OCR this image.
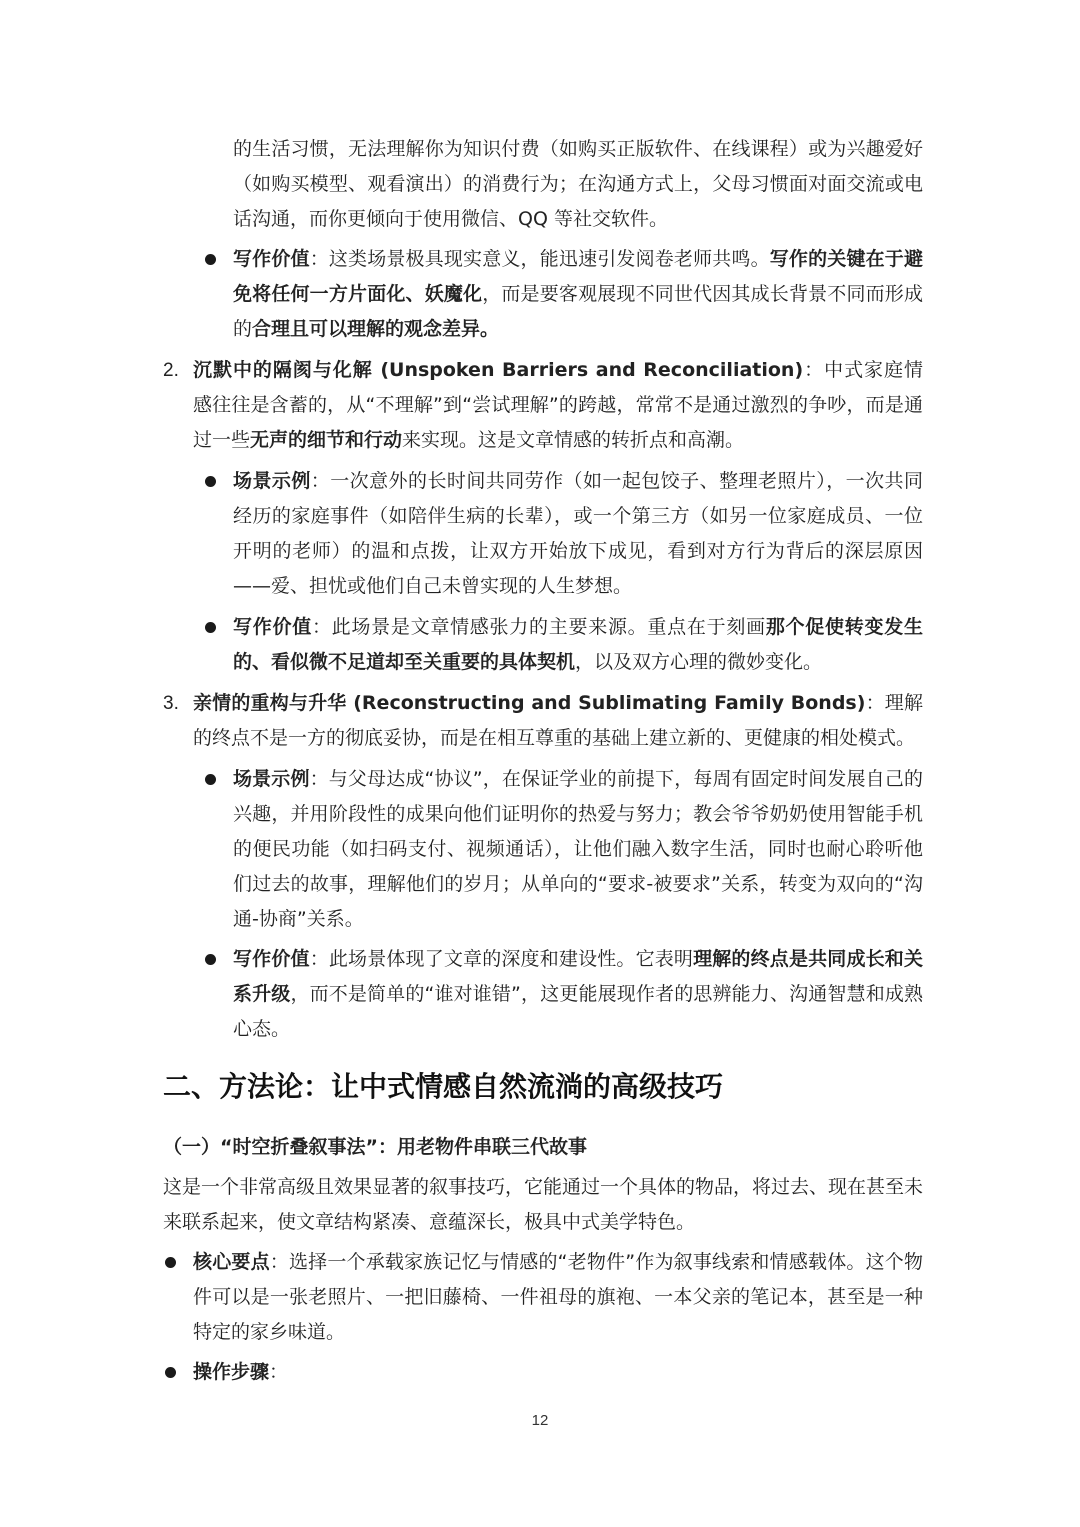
的生活习惯，无法理解你为知识付费（如购买正版软件、在线课程）或为兴趣爱好（如购买模型、观看演出）的消费行为；在沟通方式上，父母习惯面对面交流或电话沟通，而你更倾向于使用微信、QQ 等社交软件。
写作价值：这类场景极具现实意义，能迅速引发阅卷老师共鸣。写作的关键在于避免将任何一方片面化、妖魔化，而是要客观展现不同世代因其成长背景不同而形成的合理且可以理解的观念差异。
2. 沉默中的隔阂与化解 (Unspoken Barriers and Reconciliation)：中式家庭情感往往是含蓄的，从“不理解”到“尝试理解”的跨越，常常不是通过激烈的争吵，而是通过一些无声的细节和行动来实现。这是文章情感的转折点和高潮。
场景示例：一次意外的长时间共同劳作（如一起包饺子、整理老照片），一次共同经历的家庭事件（如陪伴生病的长辈），或一个第三方（如另一位家庭成员、一位开明的老师）的温和点拨，让双方开始放下成见，看到对方行为背后的深层原因——爱、担忧或他们自己未曾实现的人生梦想。
写作价值：此场景是文章情感张力的主要来源。重点在于刻画那个促使转变发生的、看似微不足道却至关重要的具体契机，以及双方心理的微妙变化。
3. 亲情的重构与升华 (Reconstructing and Sublimating Family Bonds)：理解的终点不是一方的彻底妥协，而是在相互尊重的基础上建立新的、更健康的相处模式。
场景示例：与父母达成“协议”，在保证学业的前提下，每周有固定时间发展自己的兴趣，并用阶段性的成果向他们证明你的热爱与努力；教会爷爷奶奶使用智能手机的便民功能（如扫码支付、视频通话），让他们融入数字生活，同时也耐心聆听他们过去的故事，理解他们的岁月；从单向的“要求-被要求”关系，转变为双向的“沟通-协商”关系。
写作价值：此场景体现了文章的深度和建设性。它表明理解的终点是共同成长和关系升级，而不是简单的“谁对谁错”，这更能展现作者的思辨能力、沟通智慧和成熟心态。
二、方法论：让中式情感自然流淌的高级技巧
（一）“时空折叠叙事法”：用老物件串联三代故事
这是一个非常高级且效果显著的叙事技巧，它能通过一个具体的物品，将过去、现在甚至未来联系起来，使文章结构紧凑、意蕴深长，极具中式美学特色。
核心要点：选择一个承载家族记忆与情感的“老物件”作为叙事线索和情感载体。这个物件可以是一张老照片、一把旧藤椅、一件祖母的旗袍、一本父亲的笔记本，甚至是一种特定的家乡味道。
操作步骤：
12
